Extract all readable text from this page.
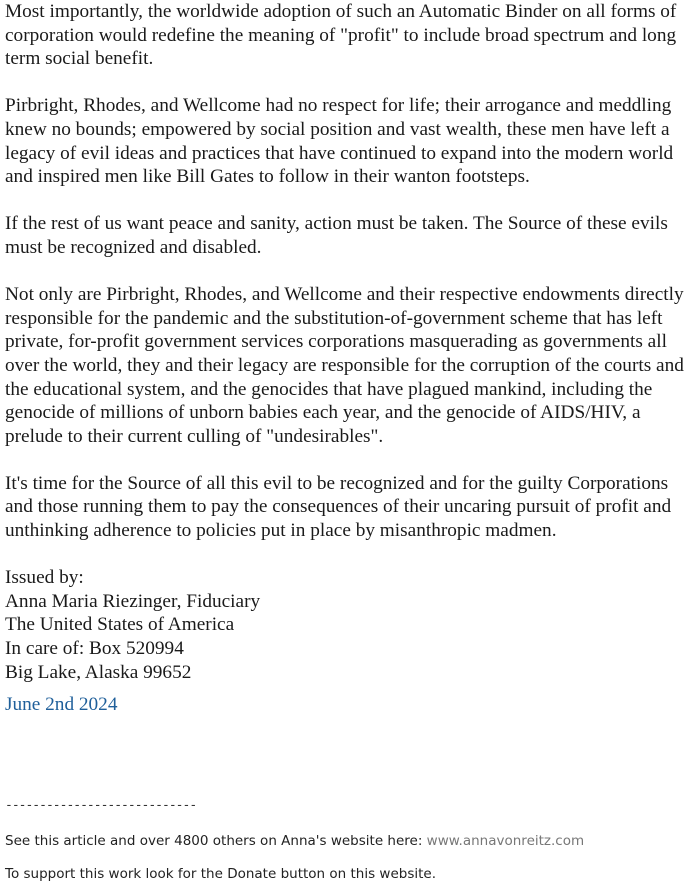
Most importantly, the worldwide adoption of such an Automatic Binder on all forms of corporation would redefine the meaning of "profit" to include broad spectrum and long term social benefit.

Pirbright, Rhodes, and Wellcome had no respect for life; their arrogance and meddling knew no bounds; empowered by social position and vast wealth, these men have left a legacy of evil ideas and practices that have continued to expand into the modern world and inspired men like Bill Gates to follow in their wanton footsteps.

If the rest of us want peace and sanity, action must be taken. The Source of these evils must be recognized and disabled.

Not only are Pirbright, Rhodes, and Wellcome and their respective endowments directly responsible for the pandemic and the substitution-of-government scheme that has left private, for-profit government services corporations masquerading as governments all over the world, they and their legacy are responsible for the corruption of the courts and the educational system, and the genocides that have plagued mankind, including the genocide of millions of unborn babies each year, and the genocide of AIDS/HIV, a prelude to their current culling of "undesirables".

It's time for the Source of all this evil to be recognized and for the guilty Corporations and those running them to pay the consequences of their uncaring pursuit of profit and unthinking adherence to policies put in place by misanthropic madmen.

Issued by:
Anna Maria Riezinger, Fiduciary
The United States of America
In care of: Box 520994
Big Lake, Alaska 99652
June 2nd 2024
----------------------------
See this article and over 4800 others on Anna's website here: www.annavonreitz.com
To support this work look for the Donate button on this website.
